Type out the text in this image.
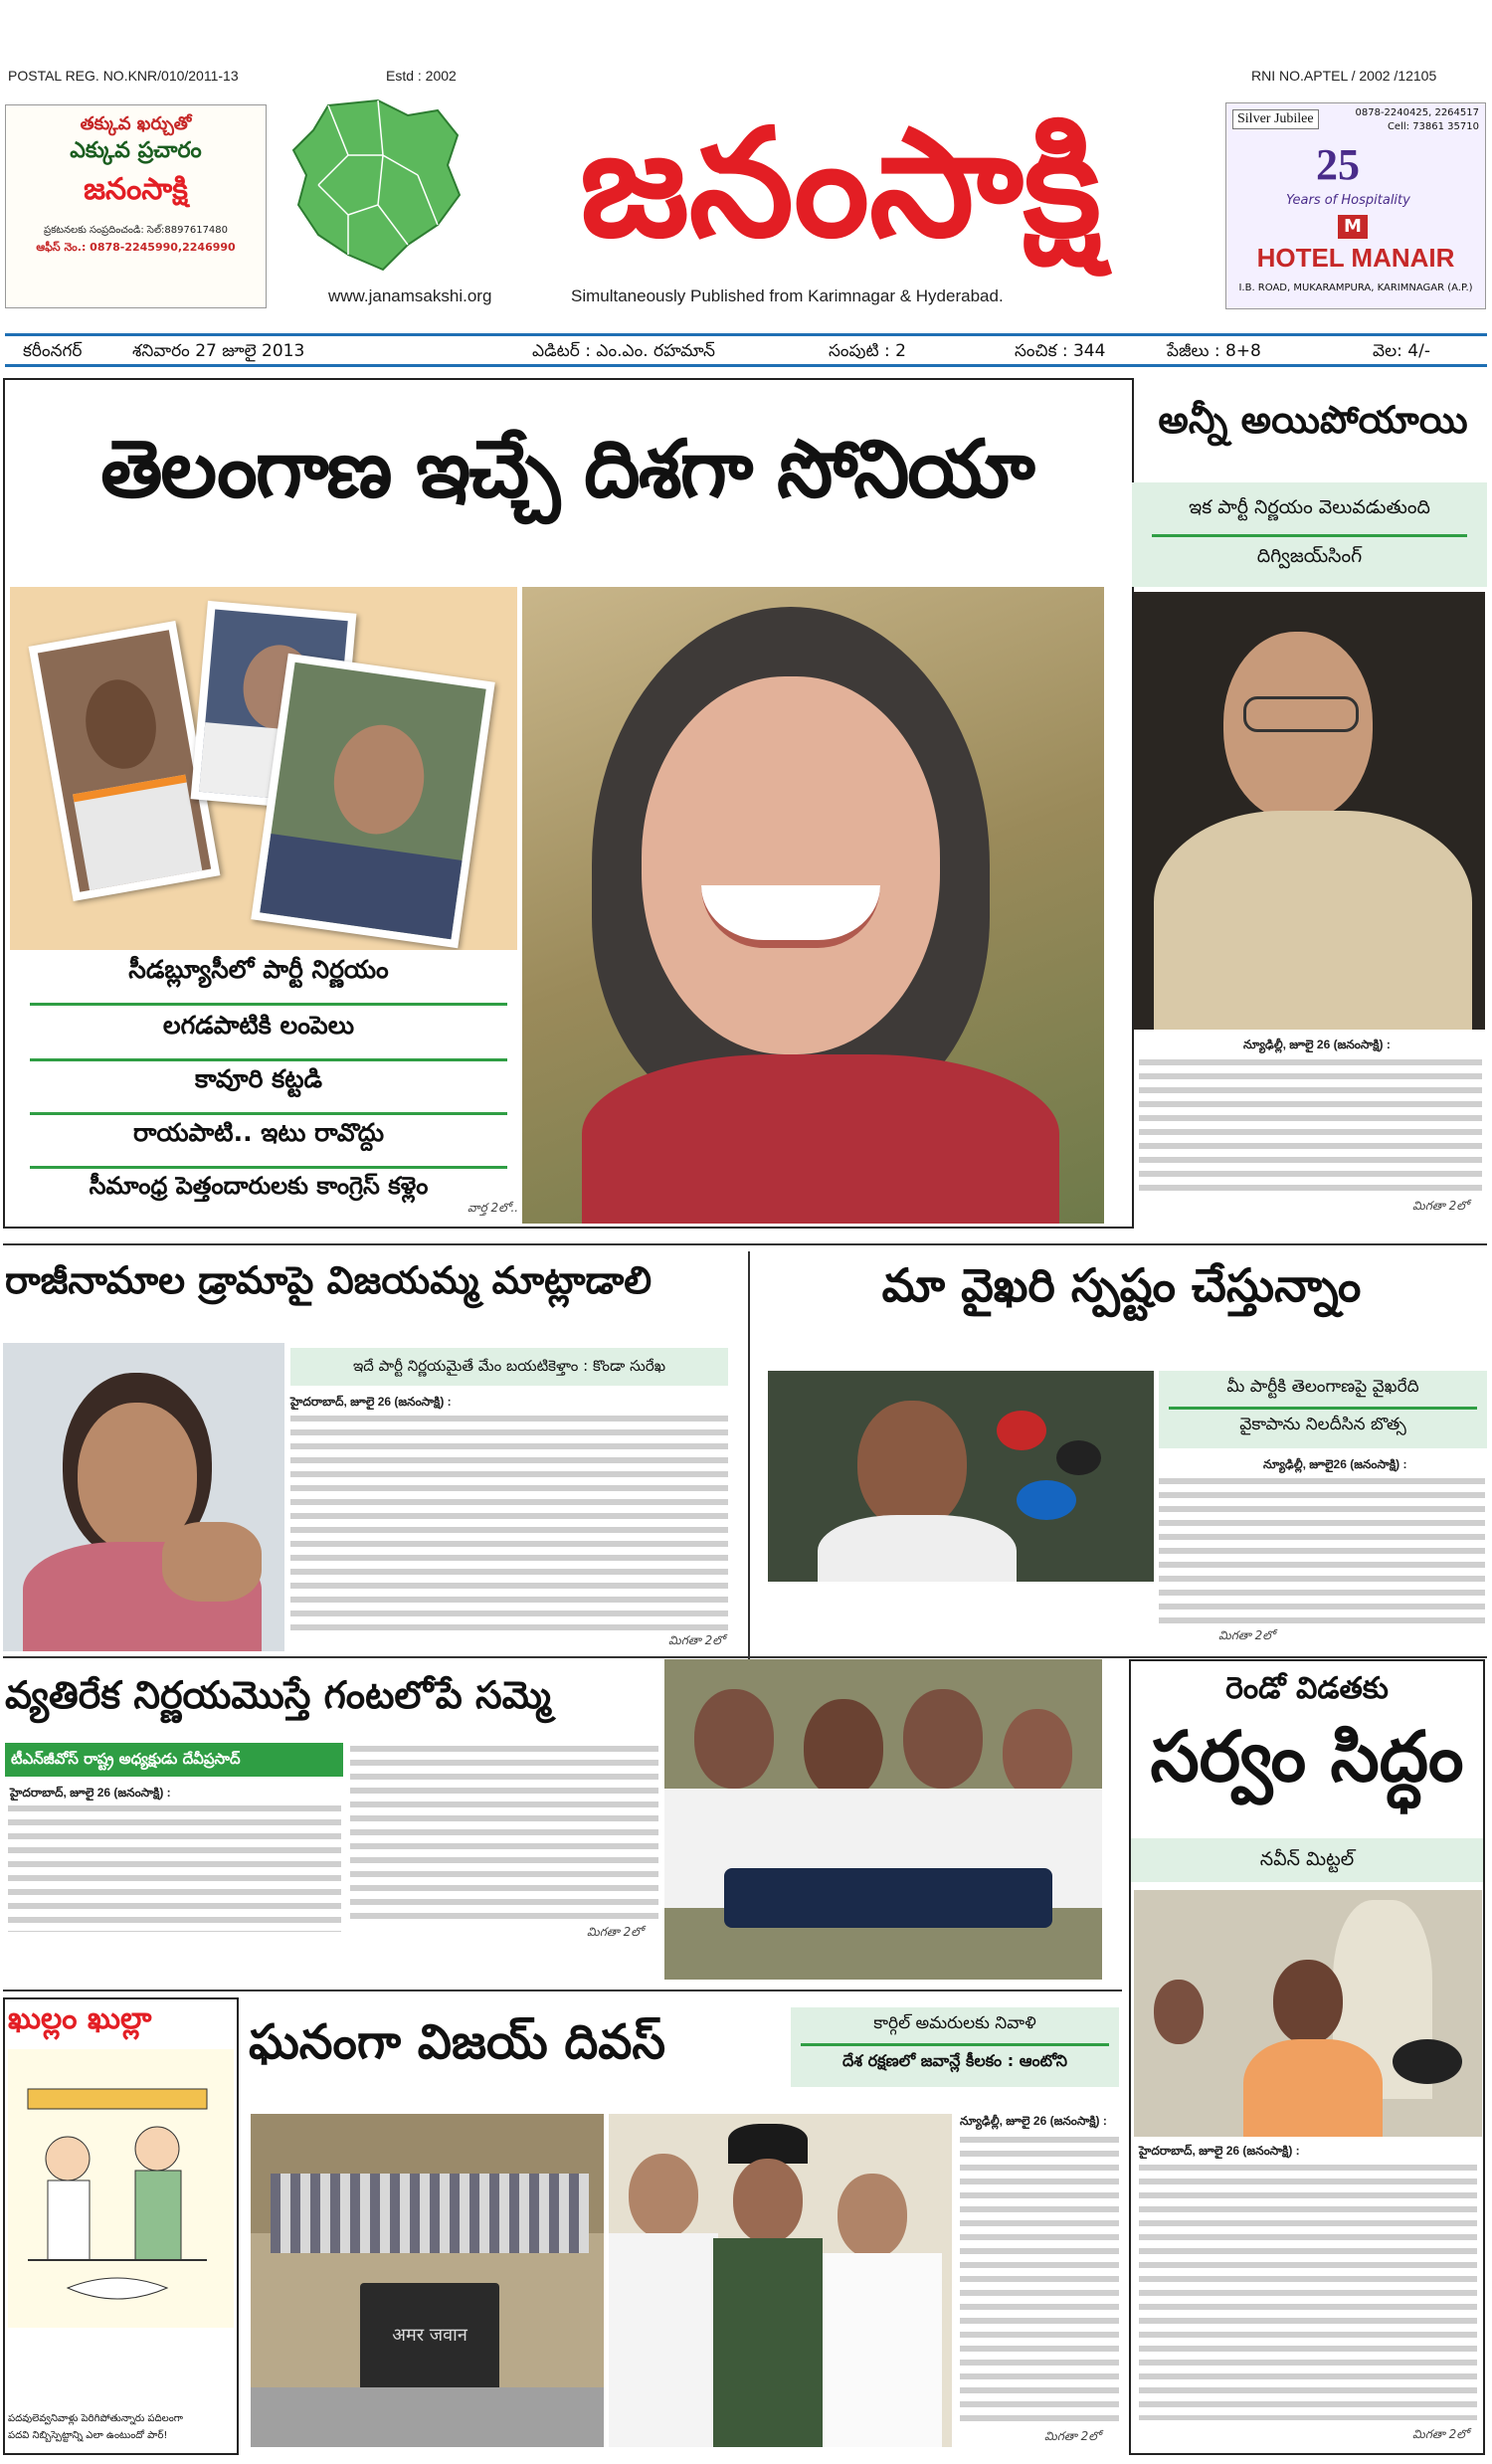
POSTAL REG. NO.KNR/010/2011-13	Estd : 2002	RNI NO.APTEL / 2002 /12105
తక్కువ ఖర్చుతో
ఎక్కువ ప్రచారం
జనంసాక్షి
ప్రకటనలకు సంప్రదించండి: సెల్:8897617480
ఆఫీస్ నెం.: 0878-2245990,2246990	జనంసాక్షి
www.janamsakshi.org	Simultaneously Published from Karimnagar & Hyderabad.
Silver Jubilee	0878-2240425, 2264517
Cell: 73861 35710
25
Years of Hospitality
M
HOTEL MANAIR
I.B. ROAD, MUKARAMPURA, KARIMNAGAR (A.P.)
కరీంనగర్	శనివారం 27 జూలై 2013	ఎడిటర్ : ఎం.ఎం. రహమాన్	సంపుటి : 2	సంచిక : 344	పేజీలు : 8+8	వెల: 4/-
తెలంగాణ ఇచ్చే దిశగా సోనియా
సీడబ్ల్యూసీలో పార్టీ నిర్ణయం
లగడపాటికి లంపెలు
కావూరి కట్టడి
రాయపాటి.. ఇటు రావొద్దు
సీమాంధ్ర పెత్తందారులకు కాంగ్రెస్ కళ్లెం
వార్త 2లో..
అన్నీ అయిపోయాయి
ఇక పార్టీ నిర్ణయం వెలువడుతుంది
దిగ్విజయ్‌సింగ్
న్యూఢిల్లీ, జూలై 26 (జనంసాక్షి) :
మిగతా 2లో
రాజీనామాల డ్రామాపై విజయమ్మ మాట్లాడాలి
ఇదే పార్టీ నిర్ణయమైతే మేం బయటికెళ్తాం : కొండా సురేఖ
హైదరాబాద్, జూలై 26 (జనంసాక్షి) :
మిగతా 2లో
మా వైఖరి స్పష్టం చేస్తున్నాం
మీ పార్టీకి తెలంగాణపై వైఖరేది
వైకాపాను నిలదీసిన బొత్స
న్యూఢిల్లీ, జూలై26 (జనంసాక్షి) :
మిగతా 2లో
వ్యతిరేక నిర్ణయమొస్తే గంటలోపే సమ్మె
టీఎన్‌జీవోస్ రాష్ట్ర అధ్యక్షుడు దేవీప్రసాద్
హైదరాబాద్, జూలై 26 (జనంసాక్షి) :
మిగతా 2లో
రెండో విడతకు
సర్వం సిద్ధం
నవీన్ మిట్టల్
హైదరాబాద్, జూలై 26 (జనంసాక్షి) :
మిగతా 2లో
ఖుల్లం ఖుల్లా
పదవులెవ్వనివాళ్లు పెరిగిపోతున్నారు పదిలంగా
పదవి నిబ్బిస్పెట్టాన్ని ఎలా ఉంటుందో పార్!
ఘనంగా విజయ్ దివస్	కార్గిల్ అమరులకు నివాళి
దేశ రక్షణలో జవాన్లే కీలకం : ఆంటోని
अमर जवान
న్యూఢిల్లీ, జూలై 26 (జనంసాక్షి) :
మిగతా 2లో
